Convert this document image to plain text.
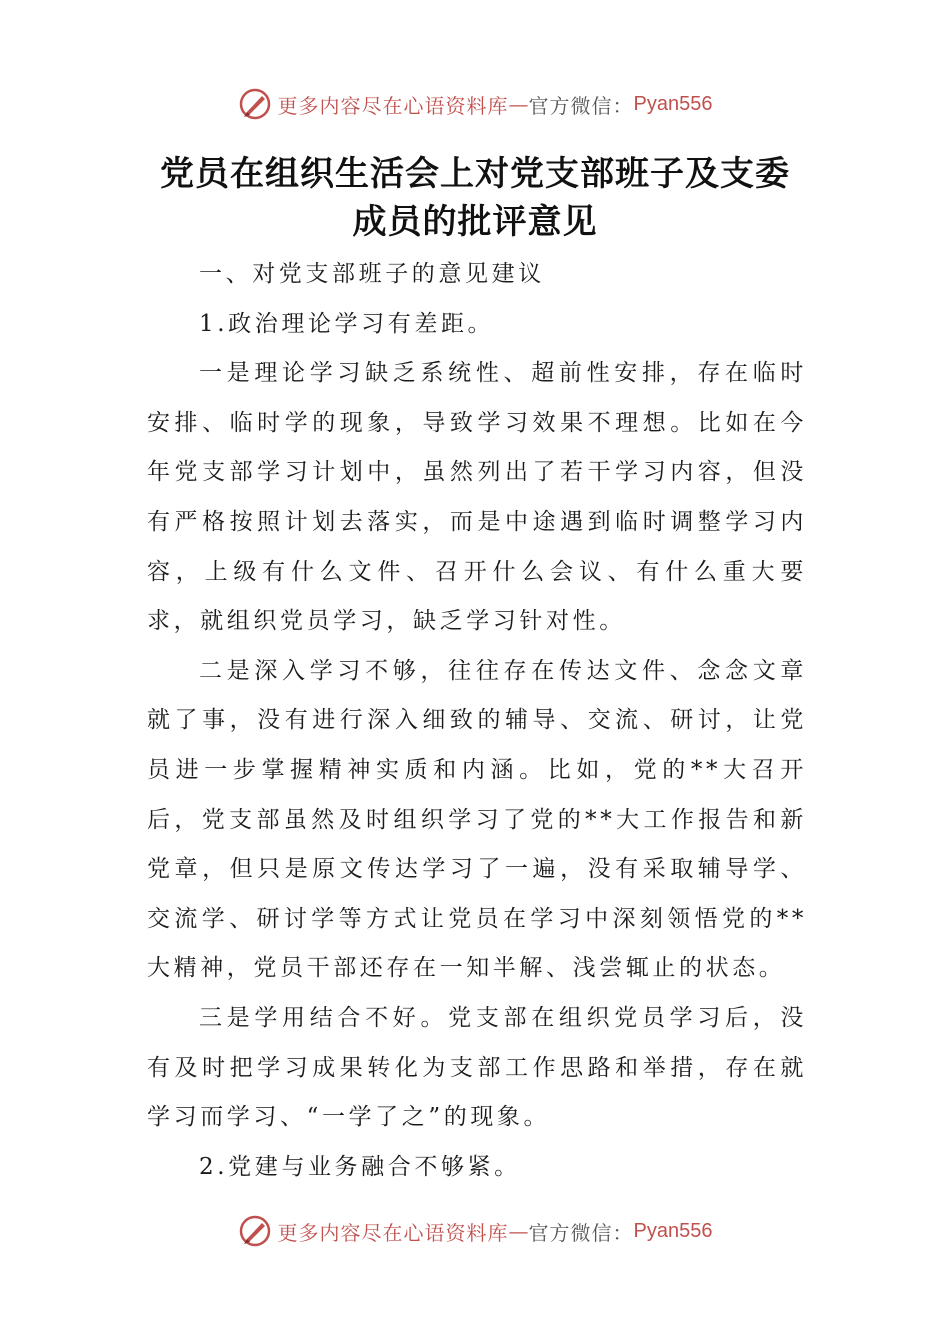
更多内容尽在心语资料库 — 官方微信： Pyan556
党员在组织生活会上对党支部班子及支委
成员的批评意见

一、对党支部班子的意见建议

1.政治理论学习有差距。

一是理论学习缺乏系统性、超前性安排，存在临时安排、临时学的现象，导致学习效果不理想。比如在今年党支部学习计划中，虽然列出了若干学习内容，但没有严格按照计划去落实，而是中途遇到临时调整学习内容，上级有什么文件、召开什么会议、有什么重大要求，就组织党员学习，缺乏学习针对性。

二是深入学习不够，往往存在传达文件、念念文章就了事，没有进行深入细致的辅导、交流、研讨，让党员进一步掌握精神实质和内涵。比如，党的**大召开后，党支部虽然及时组织学习了党的**大工作报告和新党章，但只是原文传达学习了一遍，没有采取辅导学、交流学、研讨学等方式让党员在学习中深刻领悟党的**大精神，党员干部还存在一知半解、浅尝辄止的状态。

三是学用结合不好。党支部在组织党员学习后，没有及时把学习成果转化为支部工作思路和举措，存在就学习而学习、“一学了之”的现象。

2.党建与业务融合不够紧。

更多内容尽在心语资料库 — 官方微信： Pyan556
